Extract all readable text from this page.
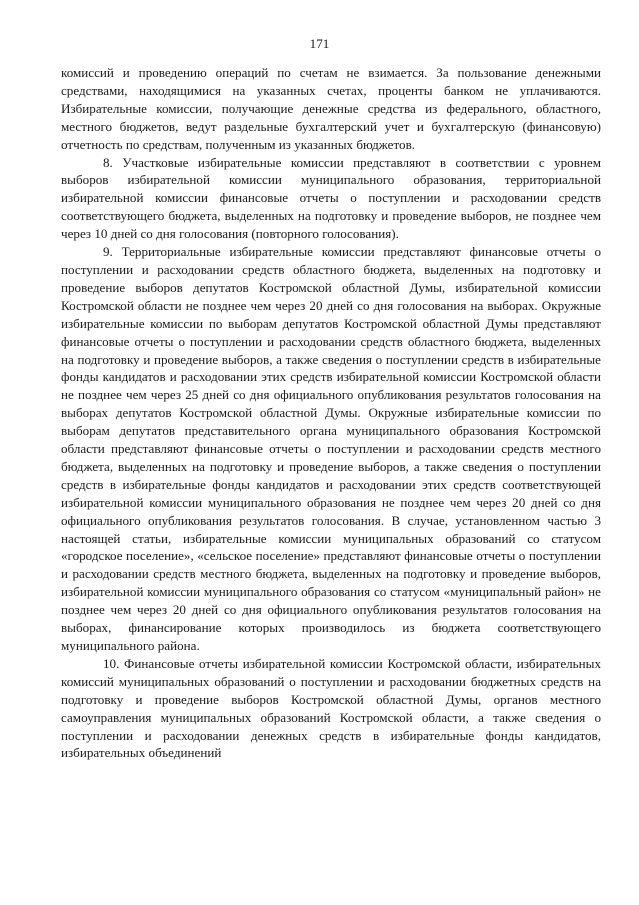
171

комиссий и проведению операций по счетам не взимается. За пользование денежными средствами, находящимися на указанных счетах, проценты банком не уплачиваются. Избирательные комиссии, получающие денежные средства из федерального, областного, местного бюджетов, ведут раздельные бухгалтерский учет и бухгалтерскую (финансовую) отчетность по средствам, полученным из указанных бюджетов.

8. Участковые избирательные комиссии представляют в соответствии с уровнем выборов избирательной комиссии муниципального образования, территориальной избирательной комиссии финансовые отчеты о поступлении и расходовании средств соответствующего бюджета, выделенных на подготовку и проведение выборов, не позднее чем через 10 дней со дня голосования (повторного голосования).

9. Территориальные избирательные комиссии представляют финансовые отчеты о поступлении и расходовании средств областного бюджета, выделенных на подготовку и проведение выборов депутатов Костромской областной Думы, избирательной комиссии Костромской области не позднее чем через 20 дней со дня голосования на выборах. Окружные избирательные комиссии по выборам депутатов Костромской областной Думы представляют финансовые отчеты о поступлении и расходовании средств областного бюджета, выделенных на подготовку и проведение выборов, а также сведения о поступлении средств в избирательные фонды кандидатов и расходовании этих средств избирательной комиссии Костромской области не позднее чем через 25 дней со дня официального опубликования результатов голосования на выборах депутатов Костромской областной Думы. Окружные избирательные комиссии по выборам депутатов представительного органа муниципального образования Костромской области представляют финансовые отчеты о поступлении и расходовании средств местного бюджета, выделенных на подготовку и проведение выборов, а также сведения о поступлении средств в избирательные фонды кандидатов и расходовании этих средств соответствующей избирательной комиссии муниципального образования не позднее чем через 20 дней со дня официального опубликования результатов голосования. В случае, установленном частью 3 настоящей статьи, избирательные комиссии муниципальных образований со статусом «городское поселение», «сельское поселение» представляют финансовые отчеты о поступлении и расходовании средств местного бюджета, выделенных на подготовку и проведение выборов, избирательной комиссии муниципального образования со статусом «муниципальный район» не позднее чем через 20 дней со дня официального опубликования результатов голосования на выборах, финансирование которых производилось из бюджета соответствующего муниципального района.

10. Финансовые отчеты избирательной комиссии Костромской области, избирательных комиссий муниципальных образований о поступлении и расходовании бюджетных средств на подготовку и проведение выборов Костромской областной Думы, органов местного самоуправления муниципальных образований Костромской области, а также сведения о поступлении и расходовании денежных средств в избирательные фонды кандидатов, избирательных объединений
